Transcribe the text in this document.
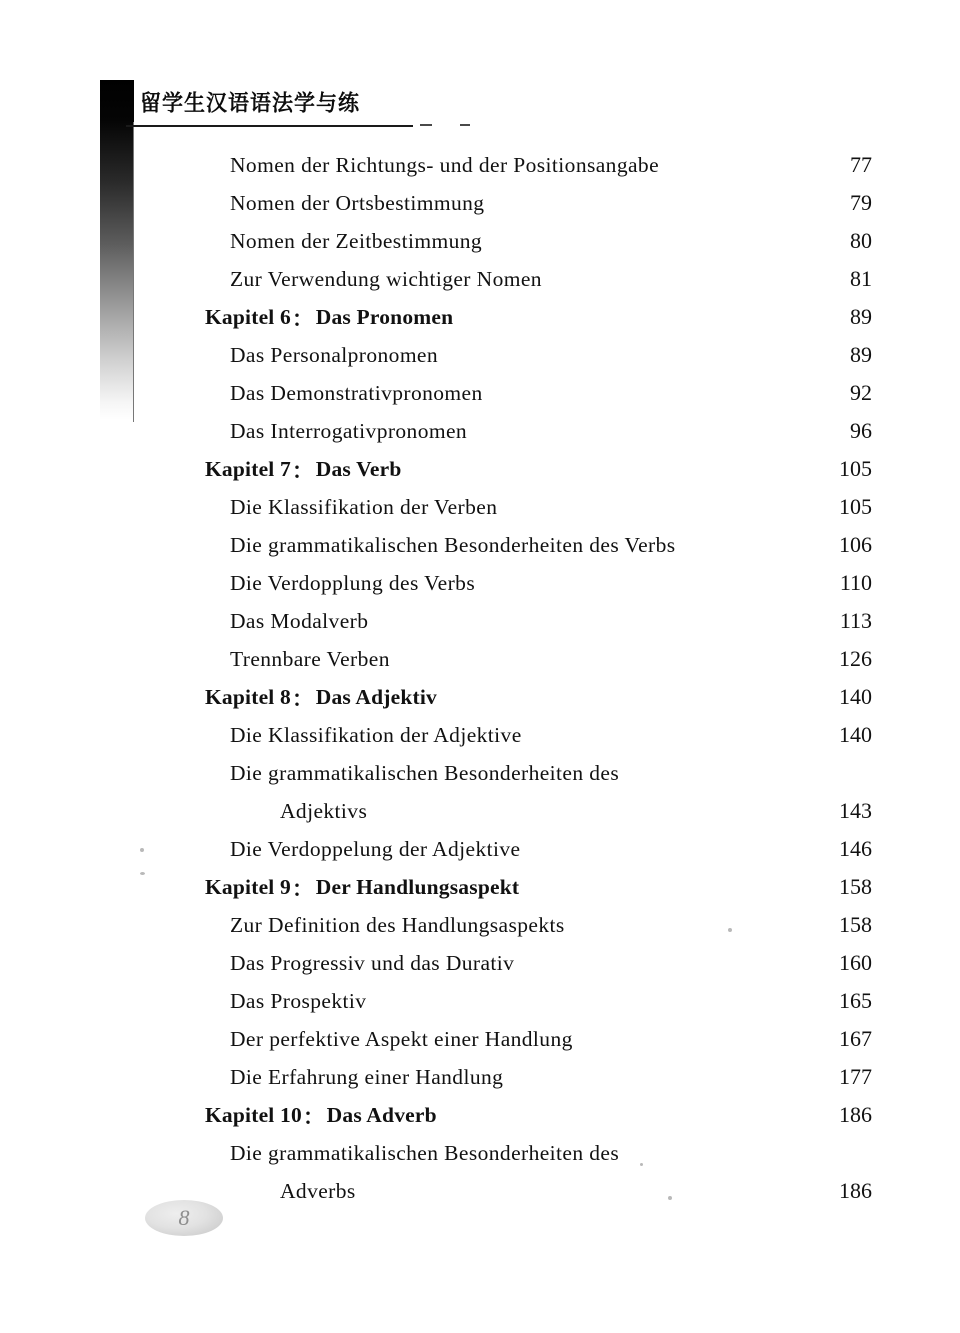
留学生汉语语法学与练
Nomen der Richtungs- und der Positionsangabe ·····	77
Nomen der Ortsbestimmung ·····	79
Nomen der Zeitbestimmung ·····	80
Zur Verwendung wichtiger Nomen ·····	81
Kapitel 6：Das Pronomen ·····	89
Das Personalpronomen ·····	89
Das Demonstrativpronomen ·····	92
Das Interrogativpronomen ·····	96
Kapitel 7：Das Verb ·····	105
Die Klassifikation der Verben ·····	105
Die grammatikalischen Besonderheiten des Verbs ·····	106
Die Verdopplung des Verbs ·····	110
Das Modalverb ·····	113
Trennbare Verben ·····	126
Kapitel 8：Das Adjektiv ·····	140
Die Klassifikation der Adjektive ·····	140
Die grammatikalischen Besonderheiten des
Adjektivs ·····	143
Die Verdoppelung der Adjektive ·····	146
Kapitel 9：Der Handlungsaspekt ·····	158
Zur Definition des Handlungsaspekts ·····	158
Das Progressiv und das Durativ ·····	160
Das Prospektiv ·····	165
Der perfektive Aspekt einer Handlung ·····	167
Die Erfahrung einer Handlung ·····	177
Kapitel 10：Das Adverb ·····	186
Die grammatikalischen Besonderheiten des
Adverbs ·····	186
8
